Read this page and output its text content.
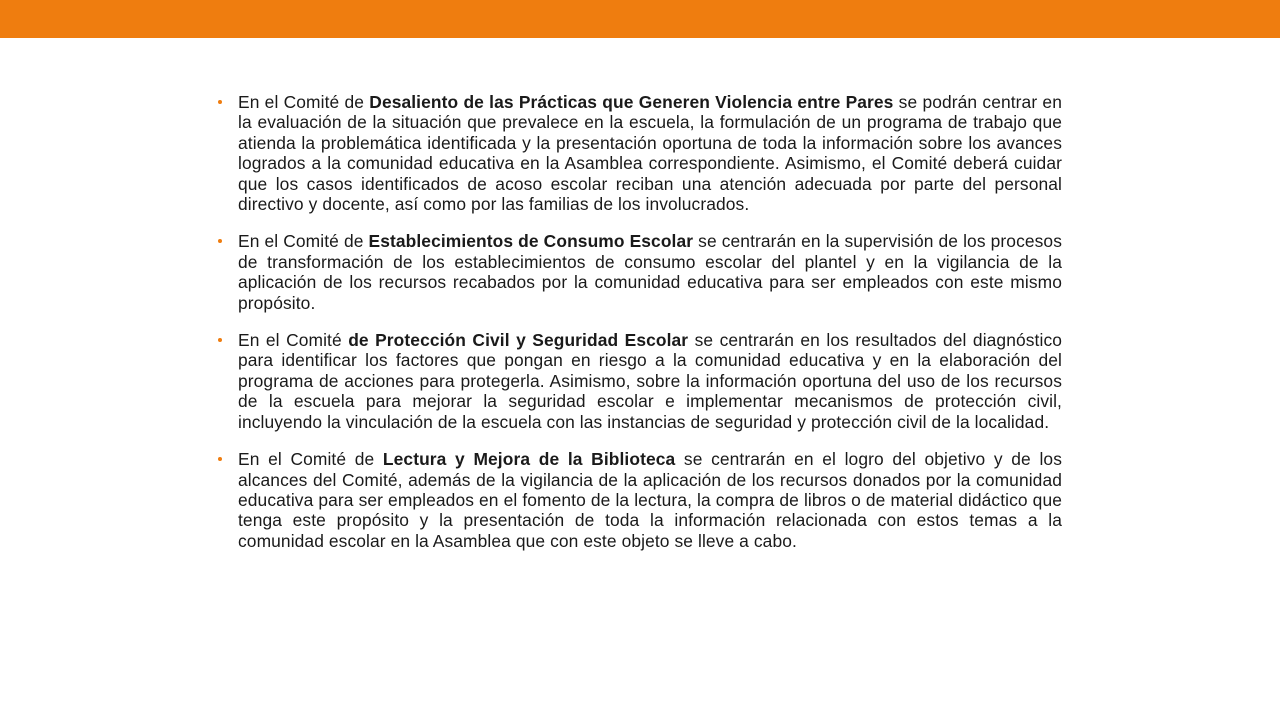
En el Comité de Desaliento de las Prácticas que Generen Violencia entre Pares se podrán centrar en la evaluación de la situación que prevalece en la escuela, la formulación de un programa de trabajo que atienda la problemática identificada y la presentación oportuna de toda la información sobre los avances logrados a la comunidad educativa en la Asamblea correspondiente. Asimismo, el Comité deberá cuidar que los casos identificados de acoso escolar reciban una atención adecuada por parte del personal directivo y docente, así como por las familias de los involucrados.

En el Comité de Establecimientos de Consumo Escolar se centrarán en la supervisión de los procesos de transformación de los establecimientos de consumo escolar del plantel y en la vigilancia de la aplicación de los recursos recabados por la comunidad educativa para ser empleados con este mismo propósito.

En el Comité de Protección Civil y Seguridad Escolar se centrarán en los resultados del diagnóstico para identificar los factores que pongan en riesgo a la comunidad educativa y en la elaboración del programa de acciones para protegerla. Asimismo, sobre la información oportuna del uso de los recursos de la escuela para mejorar la seguridad escolar e implementar mecanismos de protección civil, incluyendo la vinculación de la escuela con las instancias de seguridad y protección civil de la localidad.

En el Comité de Lectura y Mejora de la Biblioteca se centrarán en el logro del objetivo y de los alcances del Comité, además de la vigilancia de la aplicación de los recursos donados por la comunidad educativa para ser empleados en el fomento de la lectura, la compra de libros o de material didáctico que tenga este propósito y la presentación de toda la información relacionada con estos temas a la comunidad escolar en la Asamblea que con este objeto se lleve a cabo.
